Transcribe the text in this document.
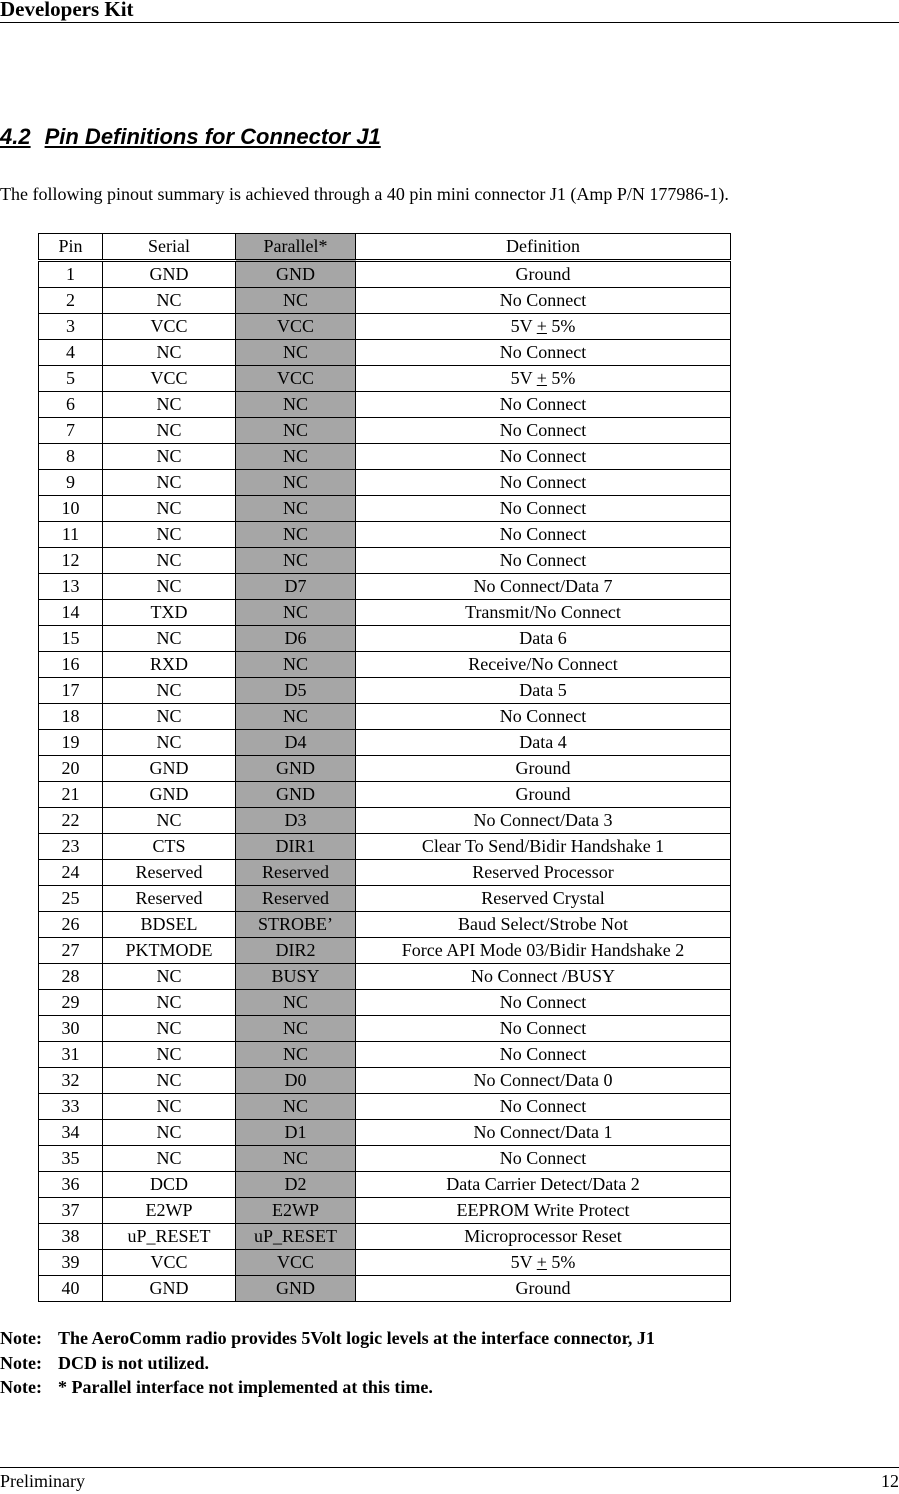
Developers Kit
4.2 Pin Definitions for Connector J1
The following pinout summary is achieved through a 40 pin mini connector J1 (Amp P/N 177986-1).
Pin	Serial	Parallel*	Definition
1	GND	GND	Ground
2	NC	NC	No Connect
3	VCC	VCC	5V + 5%
4	NC	NC	No Connect
5	VCC	VCC	5V + 5%
6	NC	NC	No Connect
7	NC	NC	No Connect
8	NC	NC	No Connect
9	NC	NC	No Connect
10	NC	NC	No Connect
11	NC	NC	No Connect
12	NC	NC	No Connect
13	NC	D7	No Connect/Data 7
14	TXD	NC	Transmit/No Connect
15	NC	D6	Data 6
16	RXD	NC	Receive/No Connect
17	NC	D5	Data 5
18	NC	NC	No Connect
19	NC	D4	Data 4
20	GND	GND	Ground
21	GND	GND	Ground
22	NC	D3	No Connect/Data 3
23	CTS	DIR1	Clear To Send/Bidir Handshake 1
24	Reserved	Reserved	Reserved Processor
25	Reserved	Reserved	Reserved Crystal
26	BDSEL	STROBE’	Baud Select/Strobe Not
27	PKTMODE	DIR2	Force API Mode 03/Bidir Handshake 2
28	NC	BUSY	No Connect /BUSY
29	NC	NC	No Connect
30	NC	NC	No Connect
31	NC	NC	No Connect
32	NC	D0	No Connect/Data 0
33	NC	NC	No Connect
34	NC	D1	No Connect/Data 1
35	NC	NC	No Connect
36	DCD	D2	Data Carrier Detect/Data 2
37	E2WP	E2WP	EEPROM Write Protect
38	uP_RESET	uP_RESET	Microprocessor Reset
39	VCC	VCC	5V + 5%
40	GND	GND	Ground
Note: The AeroComm radio provides 5Volt logic levels at the interface connector, J1
Note: DCD is not utilized.
Note: * Parallel interface not implemented at this time.
Preliminary	12
